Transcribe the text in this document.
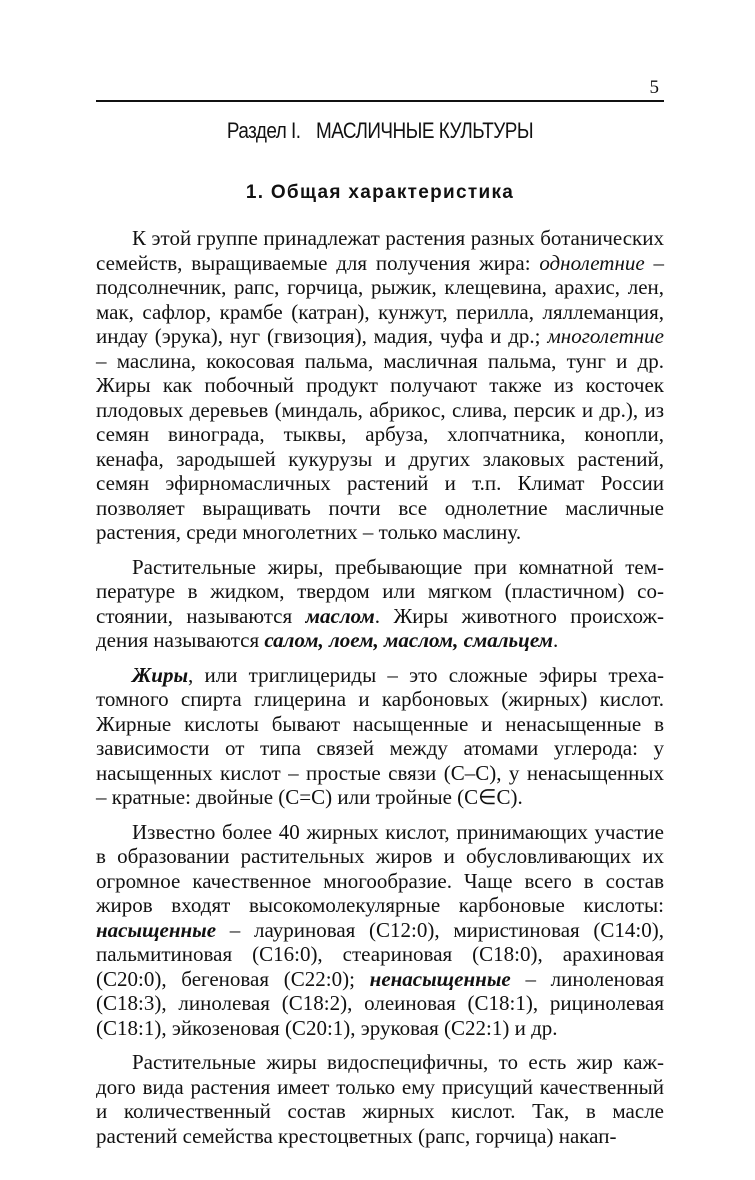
5
Раздел I. МАСЛИЧНЫЕ КУЛЬТУРЫ
1. Общая характеристика

К этой группе принадлежат растения разных ботанических семейств, выращиваемые для получения жира: однолетние – подсолнечник, рапс, горчица, рыжик, клещевина, арахис, лен, мак, сафлор, крамбе (катран), кунжут, перилла, ляллеманция, индау (эрука), нуг (гвизоция), мадия, чуфа и др.; многолетние – маслина, кокосовая пальма, масличная пальма, тунг и др. Жиры как побочный продукт получают также из косточек плодовых деревьев (миндаль, абрикос, слива, персик и др.), из семян винограда, тыквы, арбуза, хлопчатника, конопли, кенафа, зародышей кукурузы и других злаковых растений, семян эфирномасличных растений и т.п. Климат России позволяет выращивать почти все однолетние масличные растения, среди многолетних – только маслину.

Растительные жиры, пребывающие при комнатной температуре в жидком, твердом или мягком (пластичном) состоянии, называются маслом. Жиры животного происхождения называются салом, лоем, маслом, смальцем.

Жиры, или триглицериды – это сложные эфиры трехатомного спирта глицерина и карбоновых (жирных) кислот. Жирные кислоты бывают насыщенные и ненасыщенные в зависимости от типа связей между атомами углерода: у насыщенных кислот – простые связи (С–С), у ненасыщенных – кратные: двойные (С=С) или тройные (С∈С).

Известно более 40 жирных кислот, принимающих участие в образовании растительных жиров и обусловливающих их огромное качественное многообразие. Чаще всего в состав жиров входят высокомолекулярные карбоновые кислоты: насыщенные – лауриновая (С12:0), миристиновая (С14:0), пальмитиновая (С16:0), стеариновая (С18:0), арахиновая (С20:0), бегеновая (С22:0); ненасыщенные – линоленовая (С18:3), линолевая (С18:2), олеиновая (С18:1), рицинолевая (С18:1), эйкозеновая (С20:1), эруковая (С22:1) и др.

Растительные жиры видоспецифичны, то есть жир каждого вида растения имеет только ему присущий качественный и количественный состав жирных кислот. Так, в масле растений семейства крестоцветных (рапс, горчица) накап-
